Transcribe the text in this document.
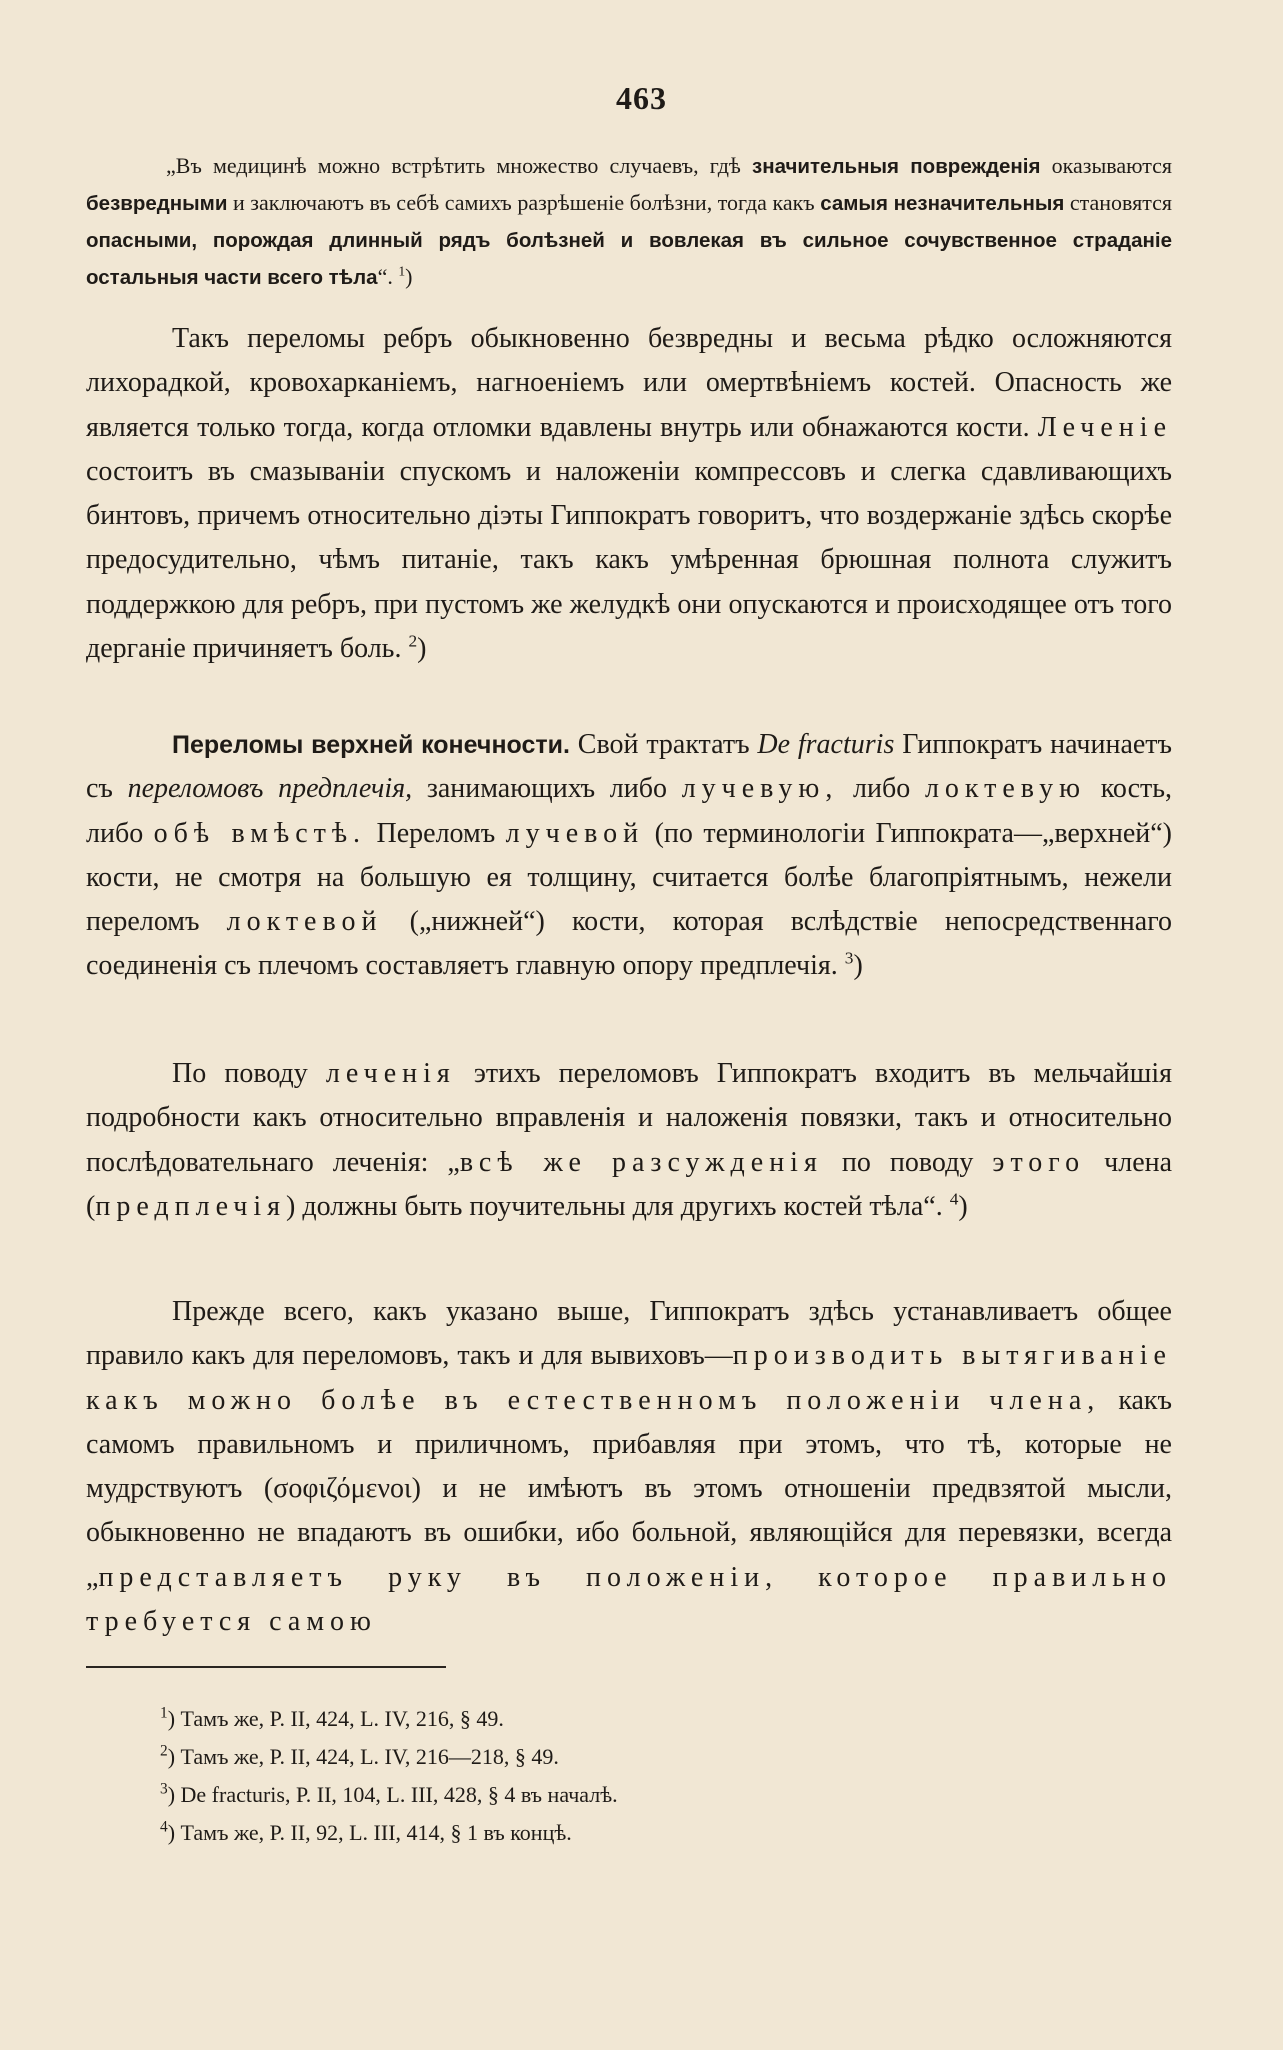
463
„Въ медицинѣ можно встрѣтить множество случаевъ, гдѣ значительныя поврежденія оказываются безвредными и заключаютъ въ себѣ самихъ разрѣшеніе болѣзни, тогда какъ самыя незначительныя становятся опасными, порождая длинный рядъ болѣзней и вовлекая въ сильное сочувственное страданіе остальныя части всего тѣла“. $^1$)
Такъ переломы ребръ обыкновенно безвредны и весьма рѣдко осложняются лихорадкой, кровохарканіемъ, нагноеніемъ или омертвѣніемъ костей. Опасность же является только тогда, когда отломки вдавлены внутрь или обнажаются кости. Леченіе состоитъ въ смазываніи спускомъ и наложеніи компрессовъ и слегка сдавливающихъ бинтовъ, причемъ относительно діэты Гиппократъ говоритъ, что воздержаніе здѣсь скорѣе предосудительно, чѣмъ питаніе, такъ какъ умѣренная брюшная полнота служитъ поддержкою для ребръ, при пустомъ же желудкѣ они опускаются и происходящее отъ того дерганіе причиняетъ боль. $^2$)
Переломы верхней конечности. Свой трактатъ De fracturis Гиппократъ начинаетъ съ переломовъ предплечія, занимающихъ либо лучевую, либо локтевую кость, либо обѣ вмѣстѣ. Переломъ лучевой (по терминологіи Гиппократа—„верхней“) кости, не смотря на большую ея толщину, считается болѣе благопріятнымъ, нежели переломъ локтевой („нижней“) кости, которая вслѣдствіе непосредственнаго соединенія съ плечомъ составляетъ главную опору предплечія. $^3$)
По поводу леченія этихъ переломовъ Гиппократъ входитъ въ мельчайшія подробности какъ относительно вправленія и наложенія повязки, такъ и относительно послѣдовательнаго леченія: „всѣ же разсужденія по поводу этого члена (предплечія) должны быть поучительны для другихъ костей тѣла“. $^4$)
Прежде всего, какъ указано выше, Гиппократъ здѣсь устанавливаетъ общее правило какъ для переломовъ, такъ и для вывиховъ—производить вытягиваніе какъ можно болѣе въ естественномъ положеніи члена, какъ самомъ правильномъ и приличномъ, прибавляя при этомъ, что тѣ, которые не мудрствуютъ (σοφιζόμενοι) и не имѣютъ въ этомъ отношеніи предвзятой мысли, обыкновенно не впадаютъ въ ошибки, ибо больной, являющійся для перевязки, всегда „представляетъ руку въ положеніи, которое правильно требуется самою
$^1$) Тамъ же, P. II, 424, L. IV, 216, § 49.
$^2$) Тамъ же, P. II, 424, L. IV, 216—218, § 49.
$^3$) De fracturis, P. II, 104, L. III, 428, § 4 въ началѣ.
$^4$) Тамъ же, P. II, 92, L. III, 414, § 1 въ концѣ.
